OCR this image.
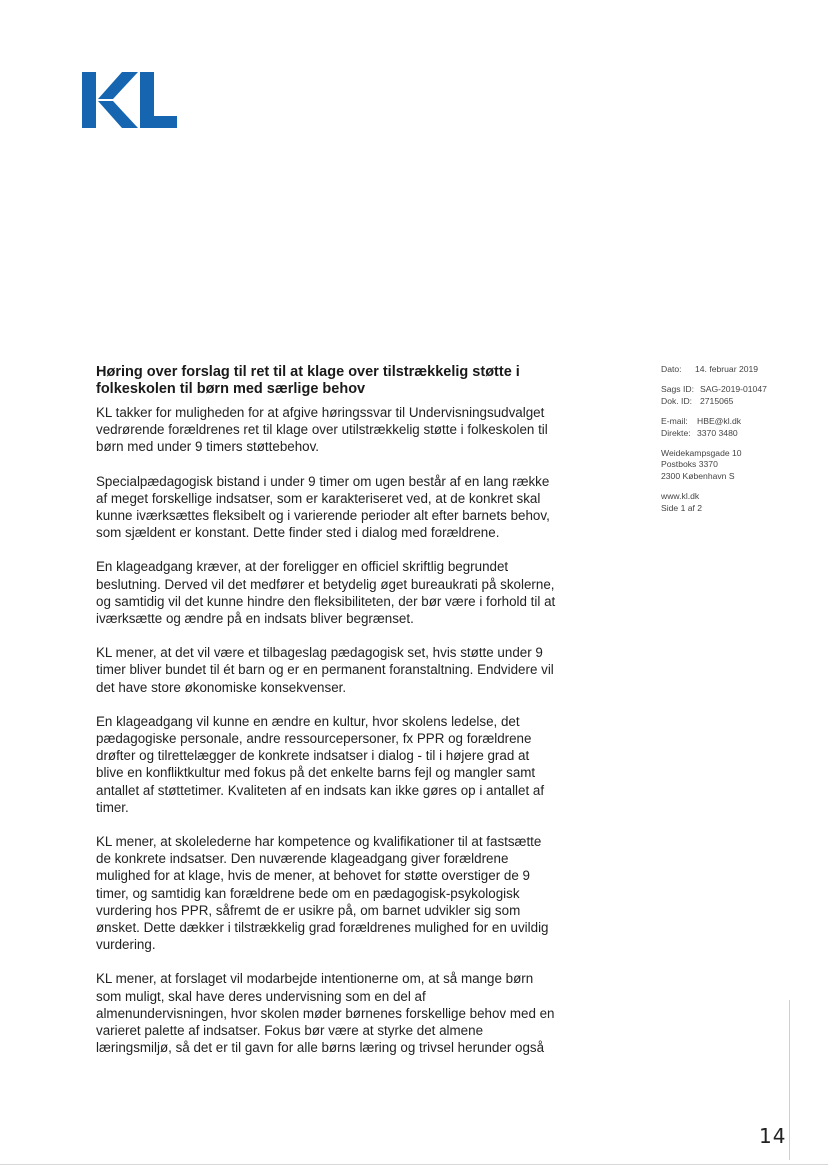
Høring over forslag til ret til at klage over tilstrækkelig støtte i folkeskolen til børn med særlige behov

KL takker for muligheden for at afgive høringssvar til Undervisningsudvalget vedrørende forældrenes ret til klage over utilstrækkelig støtte i folkeskolen til børn med under 9 timers støttebehov.

Specialpædagogisk bistand i under 9 timer om ugen består af en lang række af meget forskellige indsatser, som er karakteriseret ved, at de konkret skal kunne iværksættes fleksibelt og i varierende perioder alt efter barnets behov, som sjældent er konstant. Dette finder sted i dialog med forældrene.

En klageadgang kræver, at der foreligger en officiel skriftlig begrundet beslutning. Derved vil det medfører et betydelig øget bureaukrati på skolerne, og samtidig vil det kunne hindre den fleksibiliteten, der bør være i forhold til at iværksætte og ændre på en indsats bliver begrænset.

KL mener, at det vil være et tilbageslag pædagogisk set, hvis støtte under 9 timer bliver bundet til ét barn og er en permanent foranstaltning. Endvidere vil det have store økonomiske konsekvenser.

En klageadgang vil kunne en ændre en kultur, hvor skolens ledelse, det pædagogiske personale, andre ressourcepersoner, fx PPR og forældrene drøfter og tilrettelægger de konkrete indsatser i dialog - til i højere grad at blive en konfliktkultur med fokus på det enkelte barns fejl og mangler samt antallet af støttetimer. Kvaliteten af en indsats kan ikke gøres op i antallet af timer.

KL mener, at skolelederne har kompetence og kvalifikationer til at fastsætte de konkrete indsatser. Den nuværende klageadgang giver forældrene mulighed for at klage, hvis de mener, at behovet for støtte overstiger de 9 timer, og samtidig kan forældrene bede om en pædagogisk-psykologisk vurdering hos PPR, såfremt de er usikre på, om barnet udvikler sig som ønsket. Dette dækker i tilstrækkelig grad forældrenes mulighed for en uvildig vurdering.

KL mener, at forslaget vil modarbejde intentionerne om, at så mange børn som muligt, skal have deres undervisning som en del af almenundervisningen, hvor skolen møder børnenes forskellige behov med en varieret palette af indsatser. Fokus bør være at styrke det almene læringsmiljø, så det er til gavn for alle børns læring og trivsel herunder også

Dato: 14. februar 2019
Sags ID: SAG-2019-01047
Dok. ID: 2715065
E-mail: HBE@kl.dk
Direkte: 3370 3480
Weidekampsgade 10
Postboks 3370
2300 København S
www.kl.dk
Side 1 af 2
14
